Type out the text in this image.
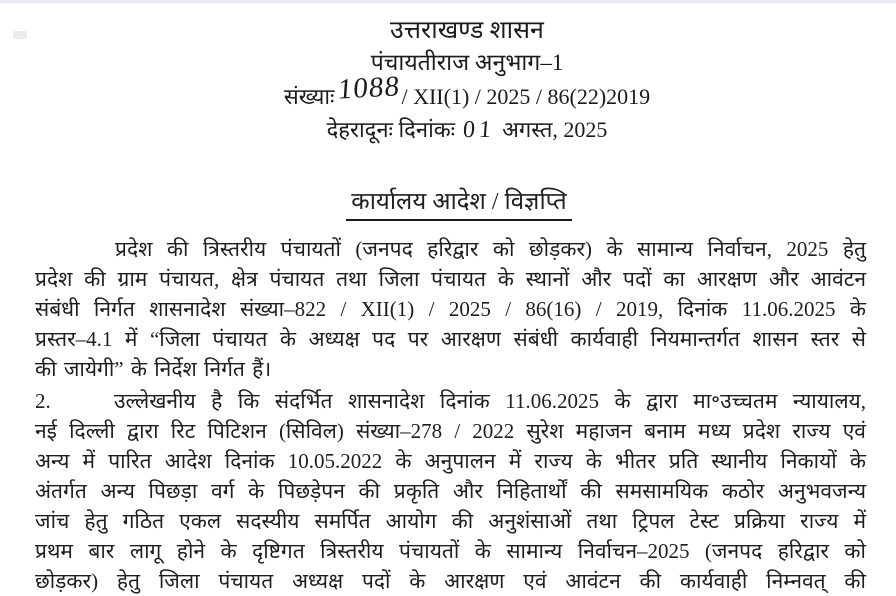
उत्तराखण्ड शासन
पंचायतीराज अनुभाग–1
संख्याः1088/ XII(1) / 2025 / 86(22)2019
देहरादूनः दिनांकः 01 अगस्त, 2025
कार्यालय आदेश / विज्ञप्ति
प्रदेश की त्रिस्तरीय पंचायतों (जनपद हरिद्वार को छोड़कर) के सामान्य निर्वाचन, 2025 हेतु
प्रदेश की ग्राम पंचायत, क्षेत्र पंचायत तथा जिला पंचायत के स्थानों और पदों का आरक्षण और आवंटन
संबंधी निर्गत शासनादेश संख्या–822 / XII(1) / 2025 / 86(16) / 2019, दिनांक 11.06.2025 के
प्रस्तर–4.1 में “जिला पंचायत के अध्यक्ष पद पर आरक्षण संबंधी कार्यवाही नियमान्तर्गत शासन स्तर से
की जायेगी” के निर्देश निर्गत हैं।
2.	उल्लेखनीय है कि संदर्भित शासनादेश दिनांक 11.06.2025 के द्वारा मा॰उच्चतम न्यायालय,
नई दिल्ली द्वारा रिट पिटिशन (सिविल) संख्या–278 / 2022 सुरेश महाजन बनाम मध्य प्रदेश राज्य एवं
अन्य में पारित आदेश दिनांक 10.05.2022 के अनुपालन में राज्य के भीतर प्रति स्थानीय निकायों के
अंतर्गत अन्य पिछड़ा वर्ग के पिछड़ेपन की प्रकृति और निहितार्थों की समसामयिक कठोर अनुभवजन्य
जांच हेतु गठित एकल सदस्यीय समर्पित आयोग की अनुशंसाओं तथा ट्रिपल टेस्ट प्रक्रिया राज्य में
प्रथम बार लागू होने के दृष्टिगत त्रिस्तरीय पंचायतों के सामान्य निर्वाचन–2025 (जनपद हरिद्वार को
छोड़कर) हेतु जिला पंचायत अध्यक्ष पदों के आरक्षण एवं आवंटन की कार्यवाही निम्नवत् की
